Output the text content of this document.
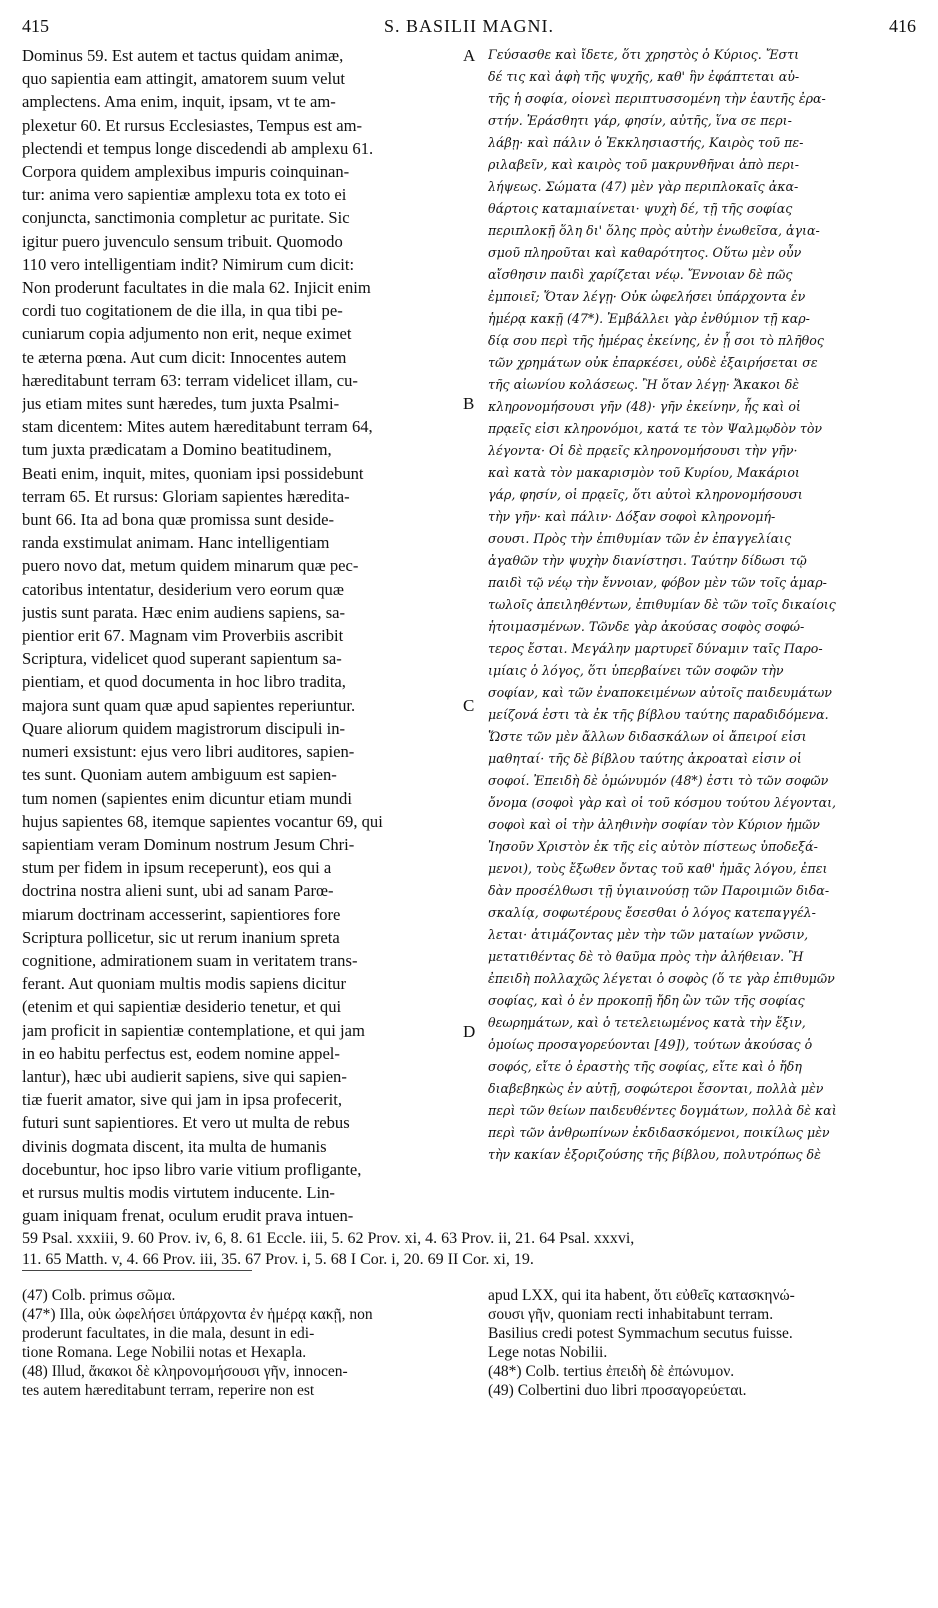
415	S. BASILII MAGNI.	416

Dominus 59. Est autem et tactus quidam animæ,

quo sapientia eam attingit, amatorem suum velut

amplectens. Ama enim, inquit, ipsam, vt te am-

plexetur 60. Et rursus Ecclesiastes, Tempus est am-

plectendi et tempus longe discedendi ab amplexu 61.

Corpora quidem amplexibus impuris coinquinan-

tur: anima vero sapientiæ amplexu tota ex toto ei

conjuncta, sanctimonia completur ac puritate. Sic

igitur puero juvenculo sensum tribuit. Quomodo

110 vero intelligentiam indit? Nimirum cum dicit:

Non proderunt facultates in die mala 62. Injicit enim

cordi tuo cogitationem de die illa, in qua tibi pe-

cuniarum copia adjumento non erit, neque eximet

te æterna pœna. Aut cum dicit: Innocentes autem

hæreditabunt terram 63: terram videlicet illam, cu-

jus etiam mites sunt hæredes, tum juxta Psalmi-

stam dicentem: Mites autem hæreditabunt terram 64,

tum juxta prædicatam a Domino beatitudinem,

Beati enim, inquit, mites, quoniam ipsi possidebunt

terram 65. Et rursus: Gloriam sapientes hæredita-

bunt 66. Ita ad bona quæ promissa sunt deside-

randa exstimulat animam. Hanc intelligentiam

puero novo dat, metum quidem minarum quæ pec-

catoribus intentatur, desiderium vero eorum quæ

justis sunt parata. Hæc enim audiens sapiens, sa-

pientior erit 67. Magnam vim Proverbiis ascribit

Scriptura, videlicet quod superant sapientum sa-

pientiam, et quod documenta in hoc libro tradita,

majora sunt quam quæ apud sapientes reperiuntur.

Quare aliorum quidem magistrorum discipuli in-

numeri exsistunt: ejus vero libri auditores, sapien-

tes sunt. Quoniam autem ambiguum est sapien-

tum nomen (sapientes enim dicuntur etiam mundi

hujus sapientes 68, itemque sapientes vocantur 69, qui

sapientiam veram Dominum nostrum Jesum Chri-

stum per fidem in ipsum receperunt), eos qui a

doctrina nostra alieni sunt, ubi ad sanam Parœ-

miarum doctrinam accesserint, sapientiores fore

Scriptura pollicetur, sic ut rerum inanium spreta

cognitione, admirationem suam in veritatem trans-

ferant. Aut quoniam multis modis sapiens dicitur

(etenim et qui sapientiæ desiderio tenetur, et qui

jam proficit in sapientiæ contemplatione, et qui jam

in eo habitu perfectus est, eodem nomine appel-

lantur), hæc ubi audierit sapiens, sive qui sapien-

tiæ fuerit amator, sive qui jam in ipsa profecerit,

futuri sunt sapientiores. Et vero ut multa de rebus

divinis dogmata discent, ita multa de humanis

docebuntur, hoc ipso libro varie vitium profligante,

et rursus multis modis virtutem inducente. Lin-

guam iniquam frenat, oculum erudit prava intuen-

Γεύσασθε καὶ ἴδετε, ὅτι χρηστὸς ὁ Κύριος. Ἔστι

δέ τις καὶ ἁφὴ τῆς ψυχῆς, καθ' ἣν ἐφάπτεται αὐ-

τῆς ἡ σοφία, οἱονεὶ περιπτυσσομένη τὴν ἑαυτῆς ἐρα-

στήν. Ἐράσθητι γάρ, φησίν, αὐτῆς, ἵνα σε περι-

λάβῃ· καὶ πάλιν ὁ Ἐκκλησιαστής, Καιρὸς τοῦ πε-

ριλαβεῖν, καὶ καιρὸς τοῦ μακρυνθῆναι ἀπὸ περι-

λήψεως. Σώματα (47) μὲν γὰρ περιπλοκαῖς ἀκα-

θάρτοις καταμιαίνεται· ψυχὴ δέ, τῇ τῆς σοφίας

περιπλοκῇ ὅλη δι' ὅλης πρὸς αὐτὴν ἑνωθεῖσα, ἁγια-

σμοῦ πληροῦται καὶ καθαρότητος. Οὕτω μὲν οὖν

αἴσθησιν παιδὶ χαρίζεται νέῳ. Ἔννοιαν δὲ πῶς

ἐμποιεῖ; Ὅταν λέγῃ· Οὐκ ὠφελήσει ὑπάρχοντα ἐν

ἡμέρᾳ κακῇ (47*). Ἐμβάλλει γὰρ ἐνθύμιον τῇ καρ-

δίᾳ σου περὶ τῆς ἡμέρας ἐκείνης, ἐν ᾗ σοι τὸ πλῆθος

τῶν χρημάτων οὐκ ἐπαρκέσει, οὐδὲ ἐξαιρήσεται σε

τῆς αἰωνίου κολάσεως. Ἢ ὅταν λέγῃ· Ἄκακοι δὲ

κληρονομήσουσι γῆν (48)· γῆν ἐκείνην, ἧς καὶ οἱ

πρᾳεῖς εἰσι κληρονόμοι, κατά τε τὸν Ψαλμῳδὸν τὸν

λέγοντα· Οἱ δὲ πρᾳεῖς κληρονομήσουσι τὴν γῆν·

καὶ κατὰ τὸν μακαρισμὸν τοῦ Κυρίου, Μακάριοι

γάρ, φησίν, οἱ πρᾳεῖς, ὅτι αὐτοὶ κληρονομήσουσι

τὴν γῆν· καὶ πάλιν· Δόξαν σοφοὶ κληρονομή-

σουσι. Πρὸς τὴν ἐπιθυμίαν τῶν ἐν ἐπαγγελίαις

ἀγαθῶν τὴν ψυχὴν διανίστησι. Ταύτην δίδωσι τῷ

παιδὶ τῷ νέῳ τὴν ἔννοιαν, φόβον μὲν τῶν τοῖς ἁμαρ-

τωλοῖς ἀπειληθέντων, ἐπιθυμίαν δὲ τῶν τοῖς δικαίοις

ἡτοιμασμένων. Τῶνδε γὰρ ἀκούσας σοφὸς σοφώ-

τερος ἔσται. Μεγάλην μαρτυρεῖ δύναμιν ταῖς Παρο-

ιμίαις ὁ λόγος, ὅτι ὑπερβαίνει τῶν σοφῶν τὴν

σοφίαν, καὶ τῶν ἐναποκειμένων αὐτοῖς παιδευμάτων

μείζονά ἐστι τὰ ἐκ τῆς βίβλου ταύτης παραδιδόμενα.

Ὥστε τῶν μὲν ἄλλων διδασκάλων οἱ ἄπειροί εἰσι

μαθηταί· τῆς δὲ βίβλου ταύτης ἀκροαταὶ εἰσιν οἱ

σοφοί. Ἐπειδὴ δὲ ὁμώνυμόν (48*) ἐστι τὸ τῶν σοφῶν

ὄνομα (σοφοὶ γὰρ καὶ οἱ τοῦ κόσμου τούτου λέγονται,

σοφοὶ καὶ οἱ τὴν ἀληθινὴν σοφίαν τὸν Κύριον ἡμῶν

Ἰησοῦν Χριστὸν ἐκ τῆς εἰς αὐτὸν πίστεως ὑποδεξά-

μενοι), τοὺς ἔξωθεν ὄντας τοῦ καθ' ἡμᾶς λόγου, ἐπει

δὰν προσέλθωσι τῇ ὑγιαινούσῃ τῶν Παροιμιῶν διδα-

σκαλίᾳ, σοφωτέρους ἔσεσθαι ὁ λόγος κατεπαγγέλ-

λεται· ἀτιμάζοντας μὲν τὴν τῶν ματαίων γνῶσιν,

μετατιθέντας δὲ τὸ θαῦμα πρὸς τὴν ἀλήθειαν. Ἢ

ἐπειδὴ πολλαχῶς λέγεται ὁ σοφὸς (ὅ τε γὰρ ἐπιθυμῶν

σοφίας, καὶ ὁ ἐν προκοπῇ ἤδη ὢν τῶν τῆς σοφίας

θεωρημάτων, καὶ ὁ τετελειωμένος κατὰ τὴν ἕξιν,

ὁμοίως προσαγορεύονται [49]), τούτων ἀκούσας ὁ

σοφός, εἴτε ὁ ἐραστὴς τῆς σοφίας, εἴτε καὶ ὁ ἤδη

διαβεβηκὼς ἐν αὐτῇ, σοφώτεροι ἔσονται, πολλὰ μὲν

περὶ τῶν θείων παιδευθέντες δογμάτων, πολλὰ δὲ καὶ

περὶ τῶν ἀνθρωπίνων ἐκδιδασκόμενοι, ποικίλως μὲν

τὴν κακίαν ἐξοριζούσης τῆς βίβλου, πολυτρόπως δὲ

A
B
C
D

59 Psal. xxxiii, 9. 60 Prov. iv, 6, 8. 61 Eccle. iii, 5. 62 Prov. xi, 4. 63 Prov. ii, 21. 64 Psal. xxxvi,

11. 65 Matth. v, 4. 66 Prov. iii, 35. 67 Prov. i, 5. 68 I Cor. i, 20. 69 II Cor. xi, 19.

(47) Colb. primus σῶμα.

(47*) Illa, οὐκ ὠφελήσει ὑπάρχοντα ἐν ἡμέρᾳ κακῇ, non

proderunt facultates, in die mala, desunt in edi-

tione Romana. Lege Nobilii notas et Hexapla.

(48) Illud, ἄκακοι δὲ κληρονομήσουσι γῆν, innocen-

tes autem hæreditabunt terram, reperire non est

apud LXX, qui ita habent, ὅτι εὐθεῖς κατασκηνώ-

σουσι γῆν, quoniam recti inhabitabunt terram.

Basilius credi potest Symmachum secutus fuisse.

Lege notas Nobilii.

(48*) Colb. tertius ἐπειδὴ δὲ ἐπώνυμον.

(49) Colbertini duo libri προσαγορεύεται.
